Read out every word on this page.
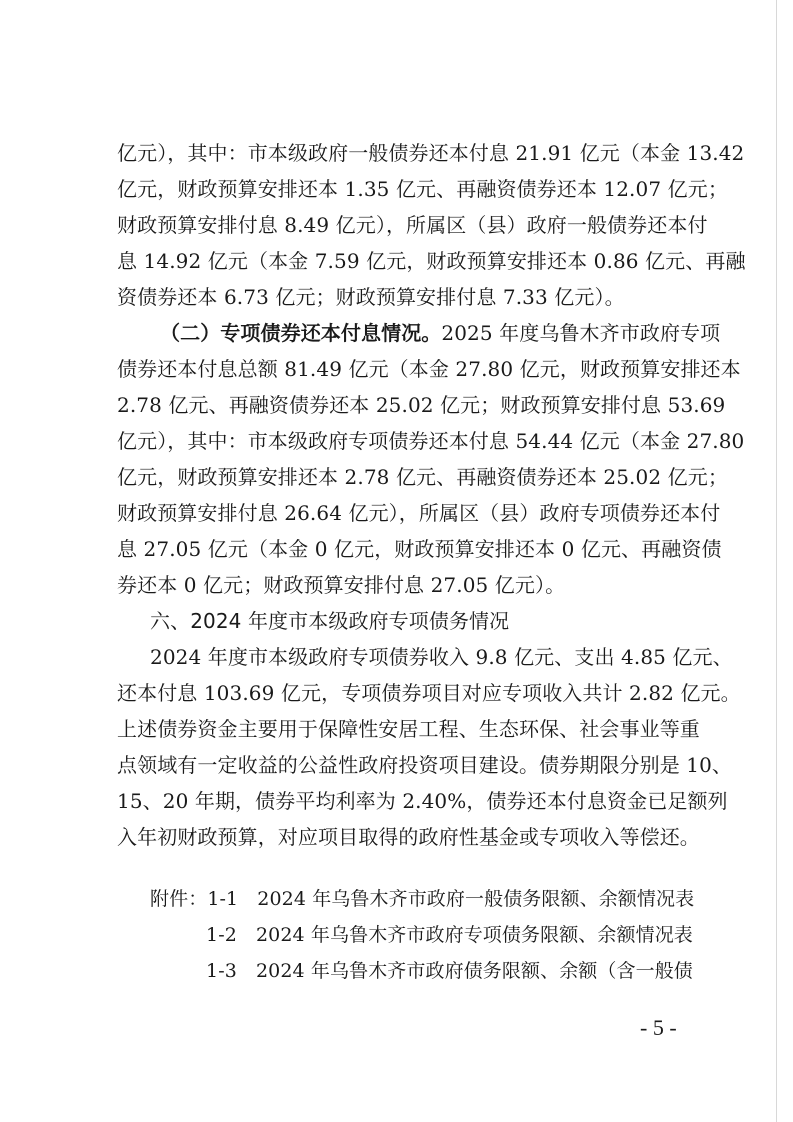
亿元），其中：市本级政府一般债券还本付息 21.91 亿元（本金 13.42
亿元，财政预算安排还本 1.35 亿元、再融资债券还本 12.07 亿元；
财政预算安排付息 8.49 亿元），所属区（县）政府一般债券还本付
息 14.92 亿元（本金 7.59 亿元，财政预算安排还本 0.86 亿元、再融
资债券还本 6.73 亿元；财政预算安排付息 7.33 亿元）。
（二）专项债券还本付息情况。2025 年度乌鲁木齐市政府专项
债券还本付息总额 81.49 亿元（本金 27.80 亿元，财政预算安排还本
2.78 亿元、再融资债券还本 25.02 亿元；财政预算安排付息 53.69
亿元），其中：市本级政府专项债券还本付息 54.44 亿元（本金 27.80
亿元，财政预算安排还本 2.78 亿元、再融资债券还本 25.02 亿元；
财政预算安排付息 26.64 亿元），所属区（县）政府专项债券还本付
息 27.05 亿元（本金 0 亿元，财政预算安排还本 0 亿元、再融资债
券还本 0 亿元；财政预算安排付息 27.05 亿元）。
六、2024 年度市本级政府专项债务情况
2024 年度市本级政府专项债券收入 9.8 亿元、支出 4.85 亿元、
还本付息 103.69 亿元，专项债券项目对应专项收入共计 2.82 亿元。
上述债券资金主要用于保障性安居工程、生态环保、社会事业等重
点领域有一定收益的公益性政府投资项目建设。债券期限分别是 10、
15、20 年期，债券平均利率为 2.40%，债券还本付息资金已足额列
入年初财政预算，对应项目取得的政府性基金或专项收入等偿还。
附件：1-1　2024 年乌鲁木齐市政府一般债务限额、余额情况表
1-2　2024 年乌鲁木齐市政府专项债务限额、余额情况表
1-3　2024 年乌鲁木齐市政府债务限额、余额（含一般债
- 5 -
